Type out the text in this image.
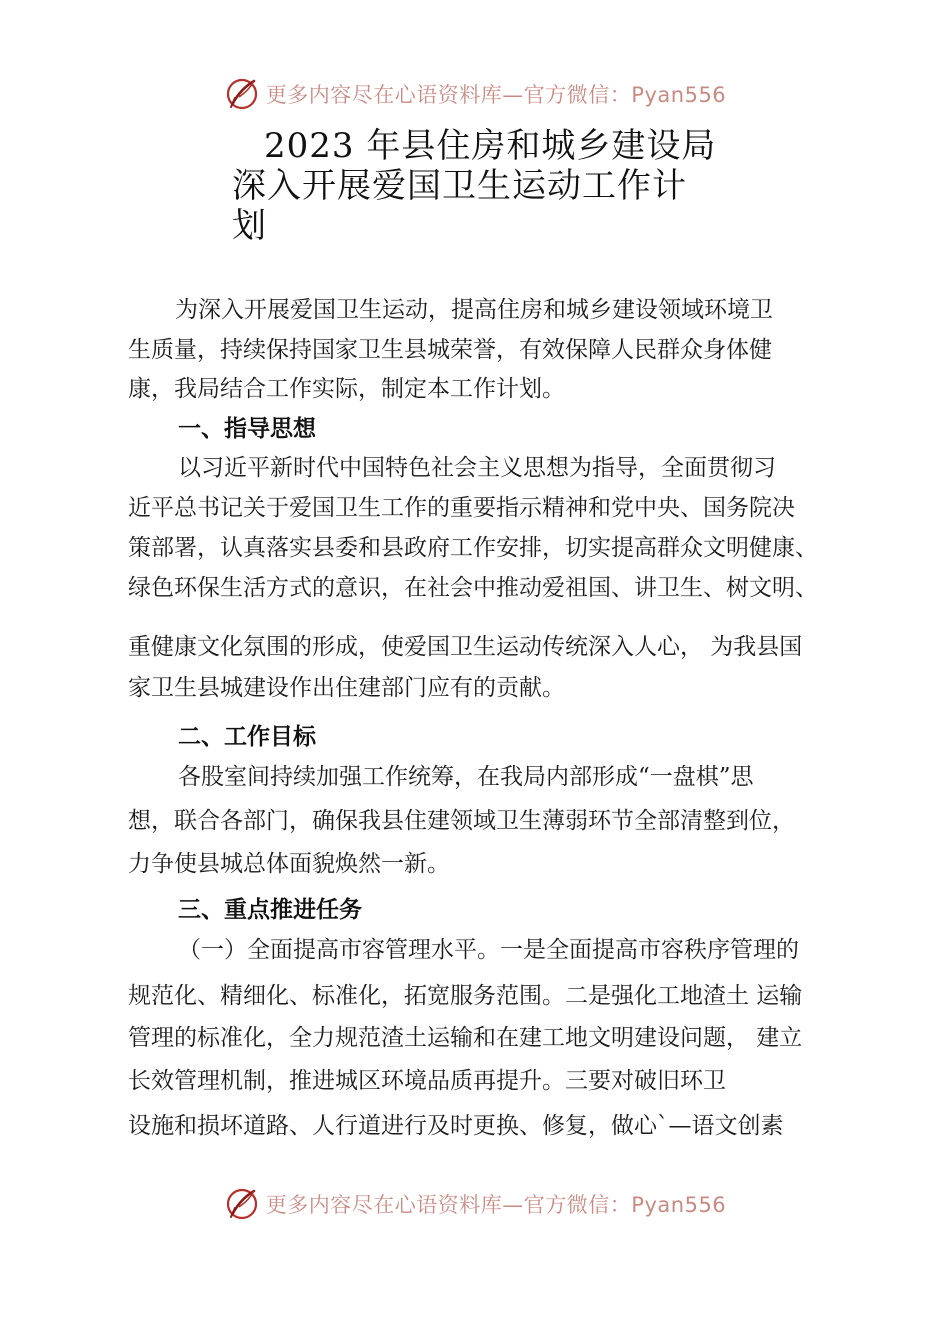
更多内容尽在心语资料库—官方微信：Pyan556
2023 年县住房和城乡建设局
深入开展爱国卫生运动工作计
划
为深入开展爱国卫生运动，提高住房和城乡建设领域环境卫
生质量，持续保持国家卫生县城荣誉，有效保障人民群众身体健
康，我局结合工作实际，制定本工作计划。
一、指导思想
以习近平新时代中国特色社会主义思想为指导，全面贯彻习
近平总书记关于爱国卫生工作的重要指示精神和党中央、国务院决
策部署，认真落实县委和县政府工作安排，切实提高群众文明健康、
绿色环保生活方式的意识，在社会中推动爱祖国、讲卫生、树文明、
重健康文化氛围的形成，使爱国卫生运动传统深入人心， 为我县国
家卫生县城建设作出住建部门应有的贡献。
二、工作目标
各股室间持续加强工作统筹，在我局内部形成“一盘棋”思
想，联合各部门，确保我县住建领域卫生薄弱环节全部清整到位，
力争使县城总体面貌焕然一新。
三、重点推进任务
（一）全面提高市容管理水平。一是全面提高市容秩序管理的
规范化、精细化、标准化，拓宽服务范围。二是强化工地渣土 运输
管理的标准化，全力规范渣土运输和在建工地文明建设问题， 建立
长效管理机制，推进城区环境品质再提升。三要对破旧环卫
设施和损坏道路、人行道进行及时更换、修复，做心`—语文创素
更多内容尽在心语资料库—官方微信：Pyan556
